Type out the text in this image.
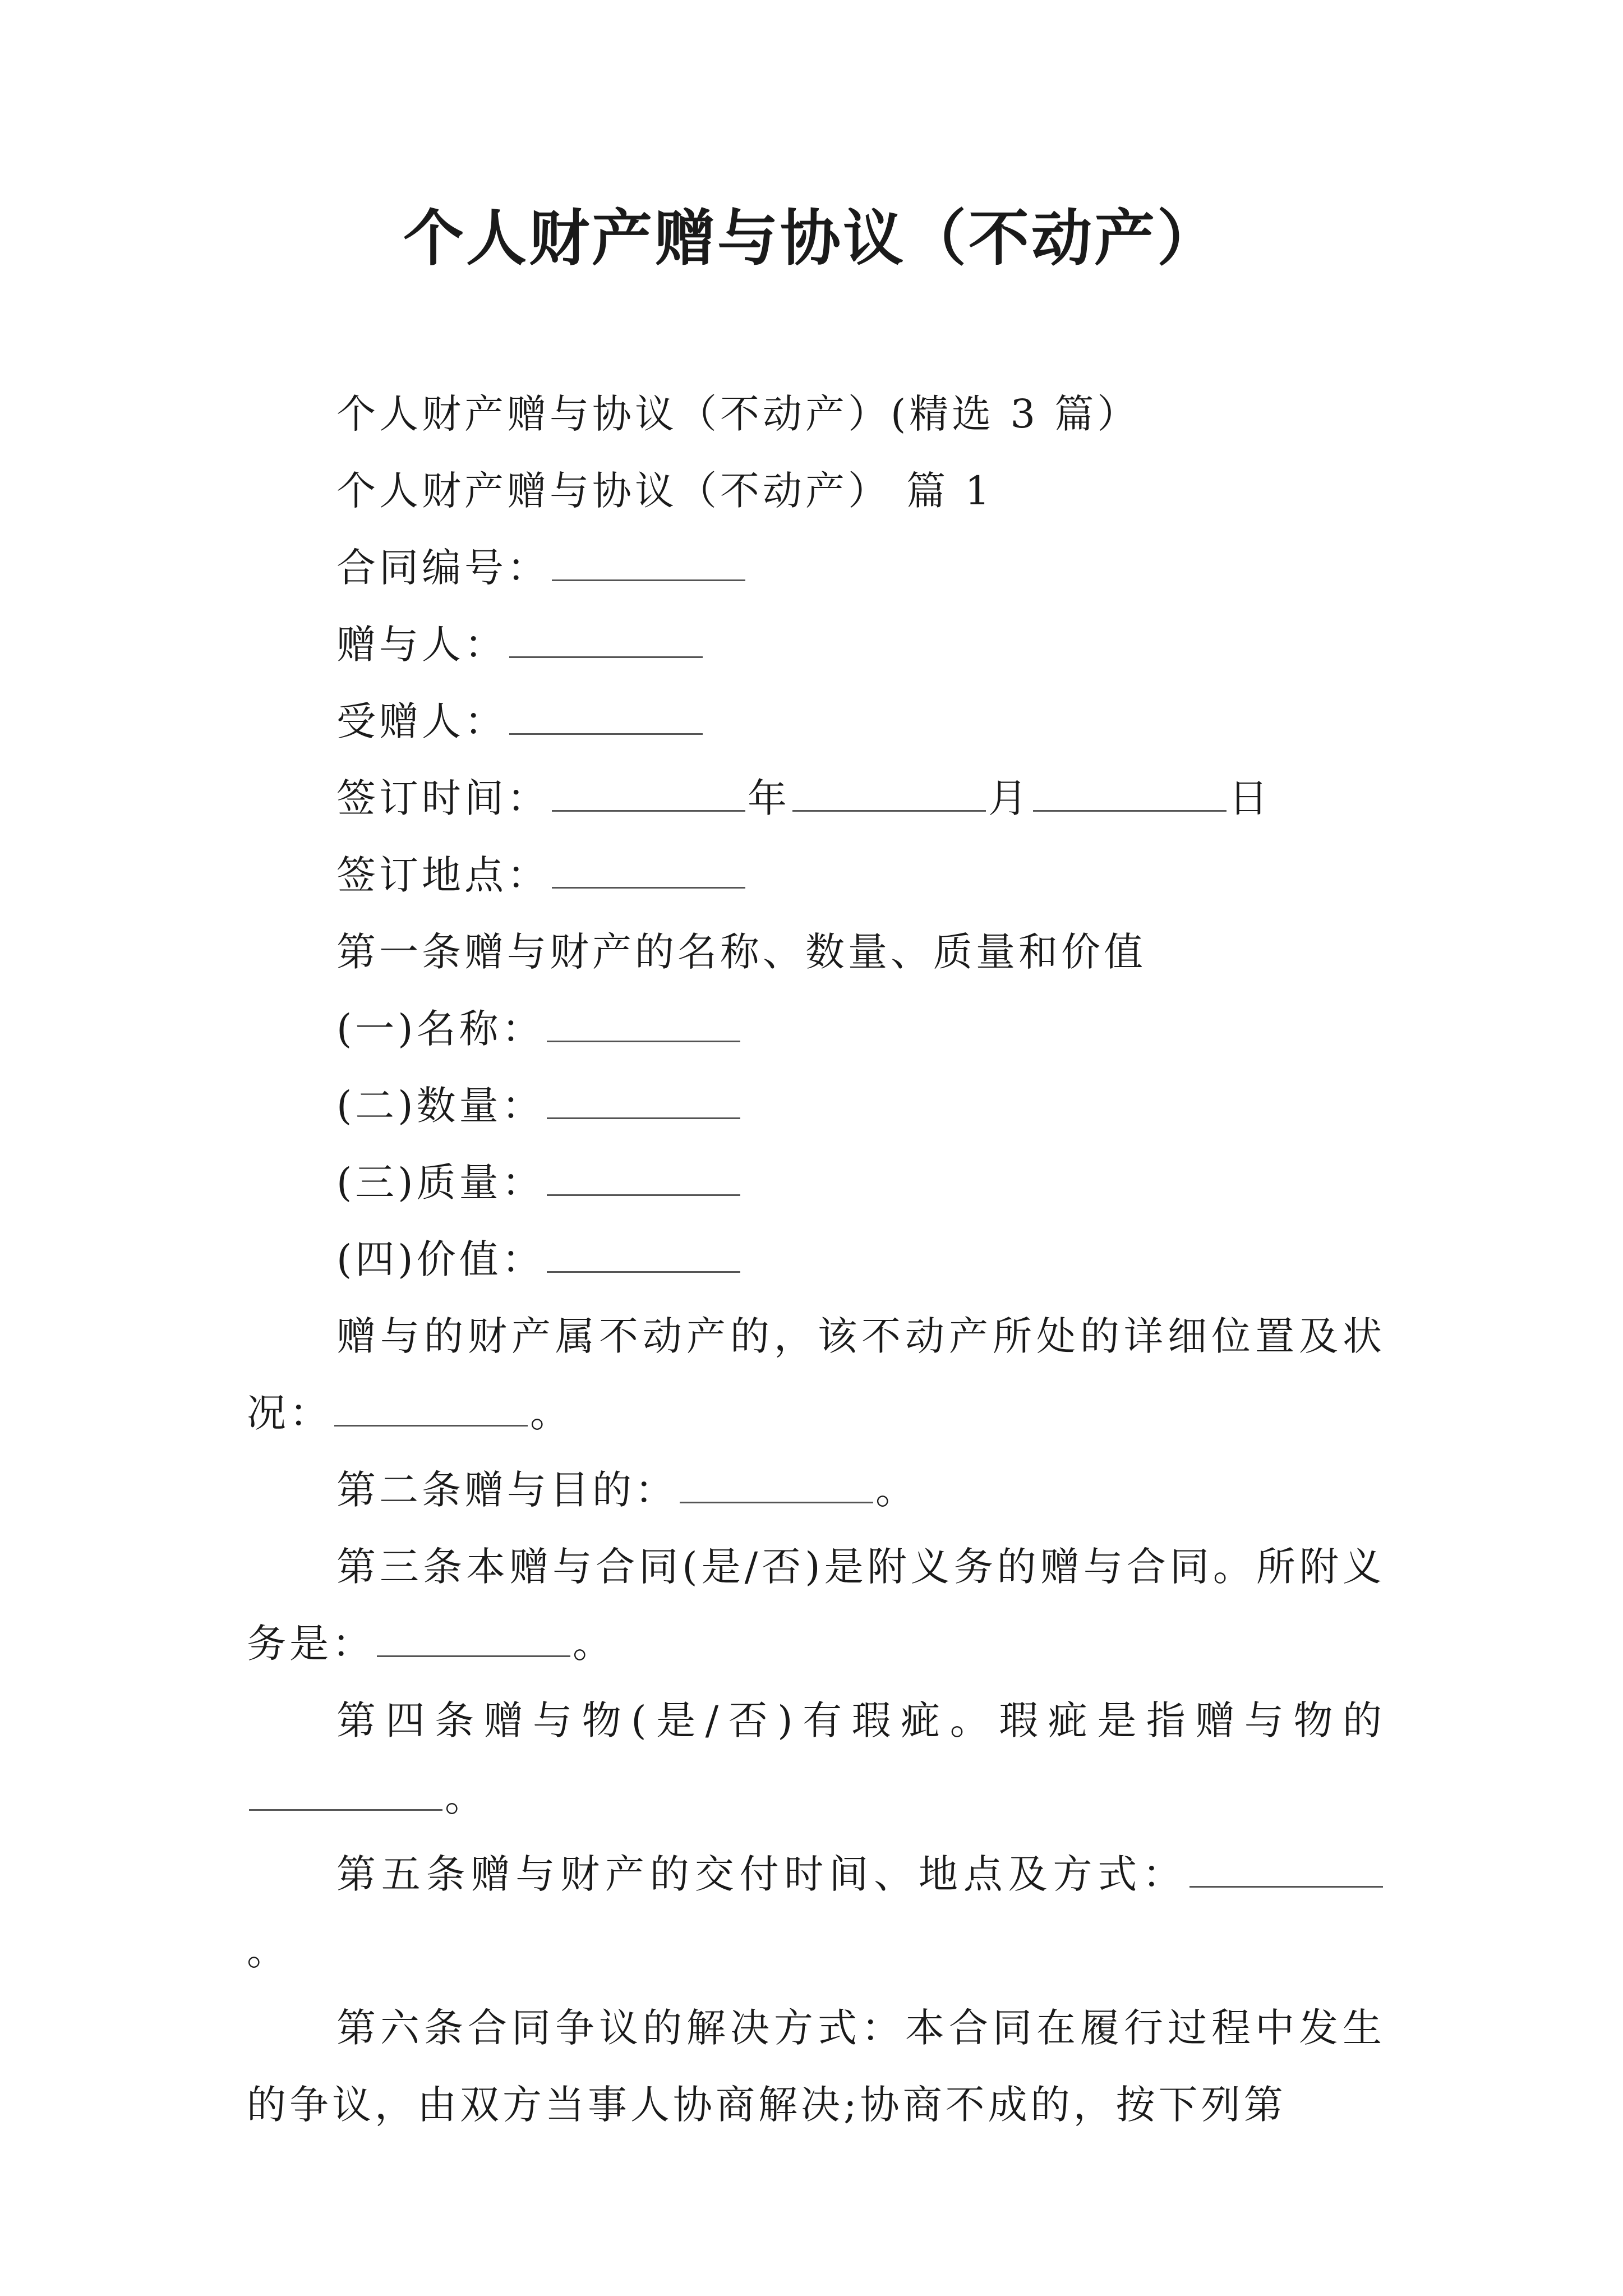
个人财产赠与协议（不动产）
个人财产赠与协议（不动产）(精选 3 篇）
个人财产赠与协议（不动产） 篇 1
合同编号：
赠与人：
受赠人：
签订时间：	年	月	日
签订地点：
第一条赠与财产的名称、数量、质量和价值
(一)名称：
(二)数量：
(三)质量：
(四)价值：

赠与的财产属不动产的，该不动产所处的详细位置及状况：	。

第二条赠与目的：	。

第三条本赠与合同(是/否)是附义务的赠与合同。所附义务是：	。

第四条赠与物(是/否)有瑕疵。瑕疵是指赠与物的。

第五条赠与财产的交付时间、地点及方式：。

第六条合同争议的解决方式：本合同在履行过程中发生的争议，由双方当事人协商解决;协商不成的，按下列第
